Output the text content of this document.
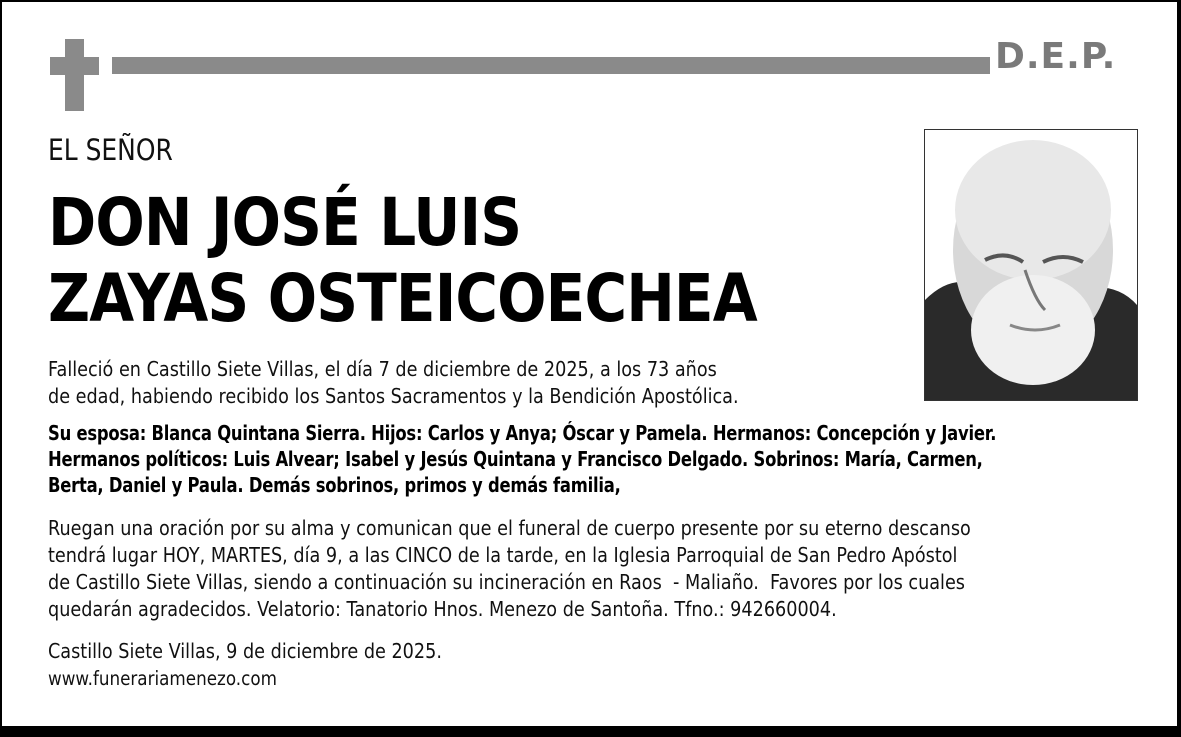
D.E.P.
EL SEÑOR
DON JOSÉ LUIS
ZAYAS OSTEICOECHEA
Falleció en Castillo Siete Villas, el día 7 de diciembre de 2025, a los 73 años
de edad, habiendo recibido los Santos Sacramentos y la Bendición Apostólica.
Su esposa: Blanca Quintana Sierra. Hijos: Carlos y Anya; Óscar y Pamela. Hermanos: Concepción y Javier.
Hermanos políticos: Luis Alvear; Isabel y Jesús Quintana y Francisco Delgado. Sobrinos: María, Carmen,
Berta, Daniel y Paula. Demás sobrinos, primos y demás familia,
Ruegan una oración por su alma y comunican que el funeral de cuerpo presente por su eterno descanso
tendrá lugar HOY, MARTES, día 9, a las CINCO de la tarde, en la Iglesia Parroquial de San Pedro Apóstol
de Castillo Siete Villas, siendo a continuación su incineración en Raos  - Maliaño.  Favores por los cuales
quedarán agradecidos. Velatorio: Tanatorio Hnos. Menezo de Santoña. Tfno.: 942660004.
Castillo Siete Villas, 9 de diciembre de 2025.
www.funerariamenezo.com
